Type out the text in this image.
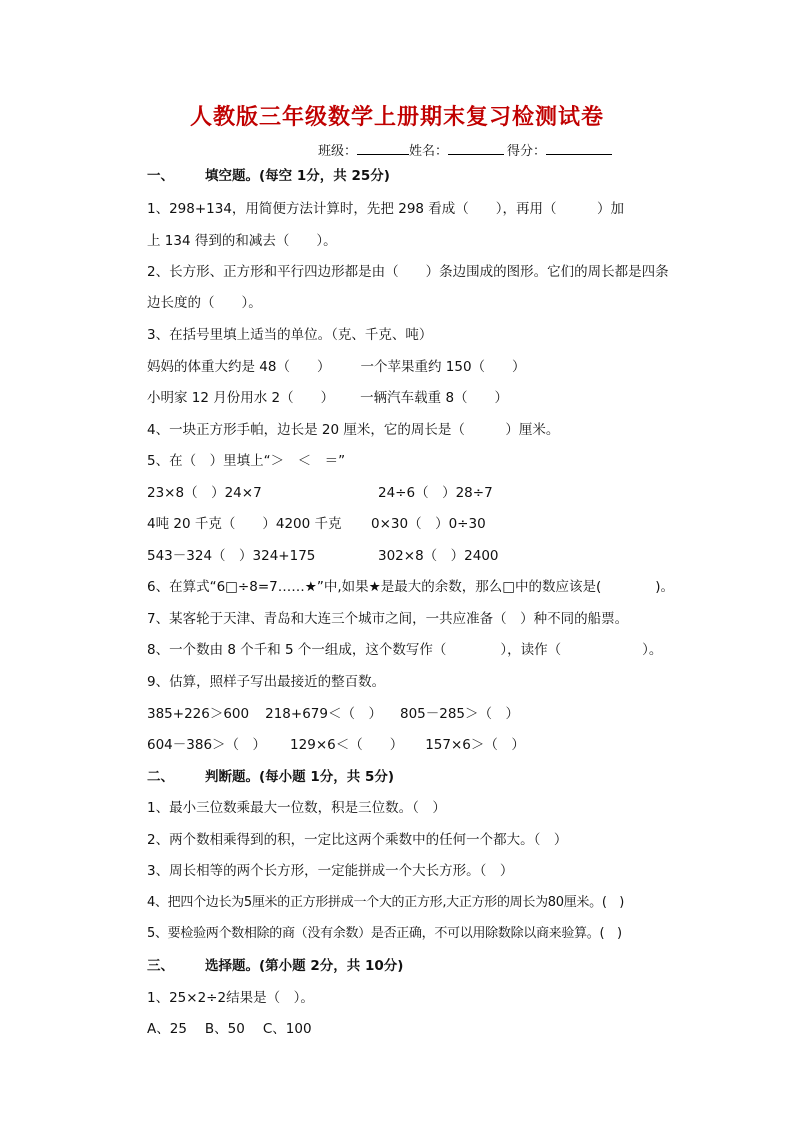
人教版三年级数学上册期末复习检测试卷
班级：	姓名：	得分：
一、 填空题。(每空 1分，共 25分)
1、298+134，用简便方法计算时，先把 298 看成（　　），再用（　　　）加
上 134 得到的和减去（　　）。
2、长方形、正方形和平行四边形都是由（　　）条边围成的图形。它们的周长都是四条
边长度的（　　）。
3、在括号里填上适当的单位。（克、千克、吨）
妈妈的体重大约是 48（　　） 一个苹果重约 150（　　）
小明家 12 月份用水 2（　　） 一辆汽车载重 8（　　）
4、一块正方形手帕，边长是 20 厘米，它的周长是（　　　）厘米。
5、在（　）里填上“＞　＜　＝”
23×8（　）24×7	24÷6（　）28÷7
4吨 20 千克（　　）4200 千克 0×30（　）0÷30
543－324（　）324+175	302×8（　）2400
6、在算式“6□÷8=7……★”中,如果★是最大的余数，那么□中的数应该是(　　　　)。
7、某客轮于天津、青岛和大连三个城市之间，一共应准备（　）种不同的船票。
8、一个数由 8 个千和 5 个一组成，这个数写作（　　　　），读作（　　　　　　）。
9、估算，照样子写出最接近的整百数。
385+226＞600 218+679＜（　） 805－285＞（　）
604－386＞（　） 129×6＜（　　） 157×6＞（　）
二、 判断题。(每小题 1分，共 5分)
1、最小三位数乘最大一位数，积是三位数。（　）
2、两个数相乘得到的积，一定比这两个乘数中的任何一个都大。（　）
3、周长相等的两个长方形，一定能拼成一个大长方形。（　）
4、把四个边长为5厘米的正方形拼成一个大的正方形,大正方形的周长为80厘米。(　)
5、要检验两个数相除的商（没有余数）是否正确，不可以用除数除以商来验算。(　)
三、 选择题。(第小题 2分，共 10分)
1、25×2÷2结果是（　）。
A、25 B、50 C、100
